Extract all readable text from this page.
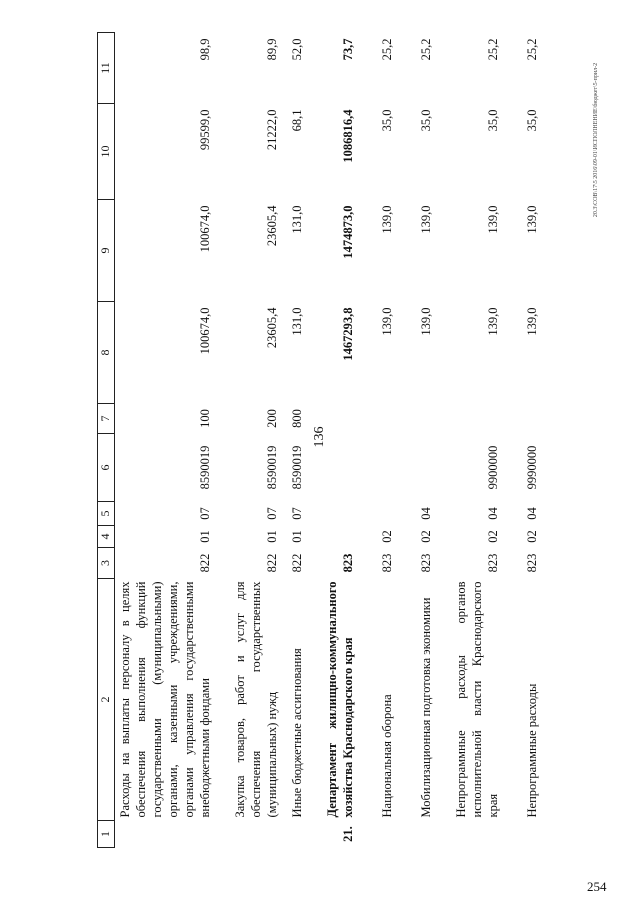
136
20.3\COB\17\5 2016\09-01\ИСПОЛНЕНИЕ\бюджет\5-прил-2
254
1	2	3	4	5	6	7	8	9	10	11
	Расходы на выплаты персоналу в целях обеспечения выполнения функций государственными (муниципальными) органами, казенными учреждениями, органами управления государственными внебюджетными фондами	822	01	07	8590019	100	100674,0	100674,0	99599,0	98,9

	Закупка товаров, работ и услуг для обеспечения государственных (муниципальных) нужд	822	01	07	8590019	200	23605,4	23605,4	21222,0	89,9
	Иные бюджетные ассигнования	822	01	07	8590019	800	131,0	131,0	68,1	52,0

21.	Департамент жилищно-коммунального хозяйства Краснодарского края	823					1467293,8	1474873,0	1086816,4	73,7

	Национальная оборона	823	02				139,0	139,0	35,0	25,2

	Мобилизационная подготовка экономики	823	02	04			139,0	139,0	35,0	25,2

	Непрограммные расходы органов исполнительной власти Краснодарского края	823	02	04	9900000		139,0	139,0	35,0	25,2

	Непрограммные расходы	823	02	04	9990000		139,0	139,0	35,0	25,2
